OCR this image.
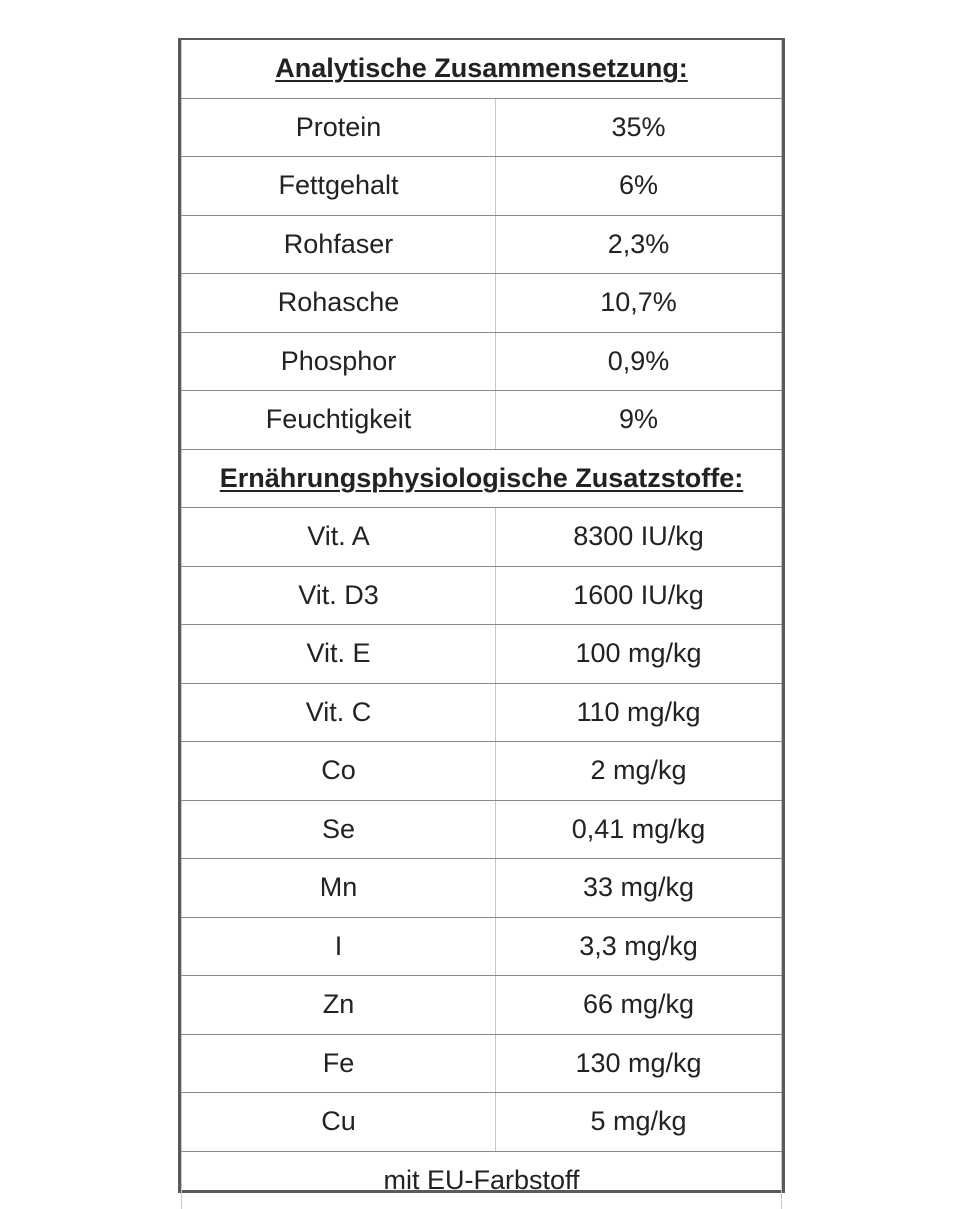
Analytische Zusammensetzung:	
Protein	35%
Fettgehalt	6%
Rohfaser	2,3%
Rohasche	10,7%
Phosphor	0,9%
Feuchtigkeit	9%
Ernährungsphysiologische Zusatzstoffe:	
Vit. A	8300 IU/kg
Vit. D3	1600 IU/kg
Vit. E	100 mg/kg
Vit. C	110 mg/kg
Co	2 mg/kg
Se	0,41 mg/kg
Mn	33 mg/kg
I	3,3 mg/kg
Zn	66 mg/kg
Fe	130 mg/kg
Cu	5 mg/kg
mit EU-Farbstoff	
